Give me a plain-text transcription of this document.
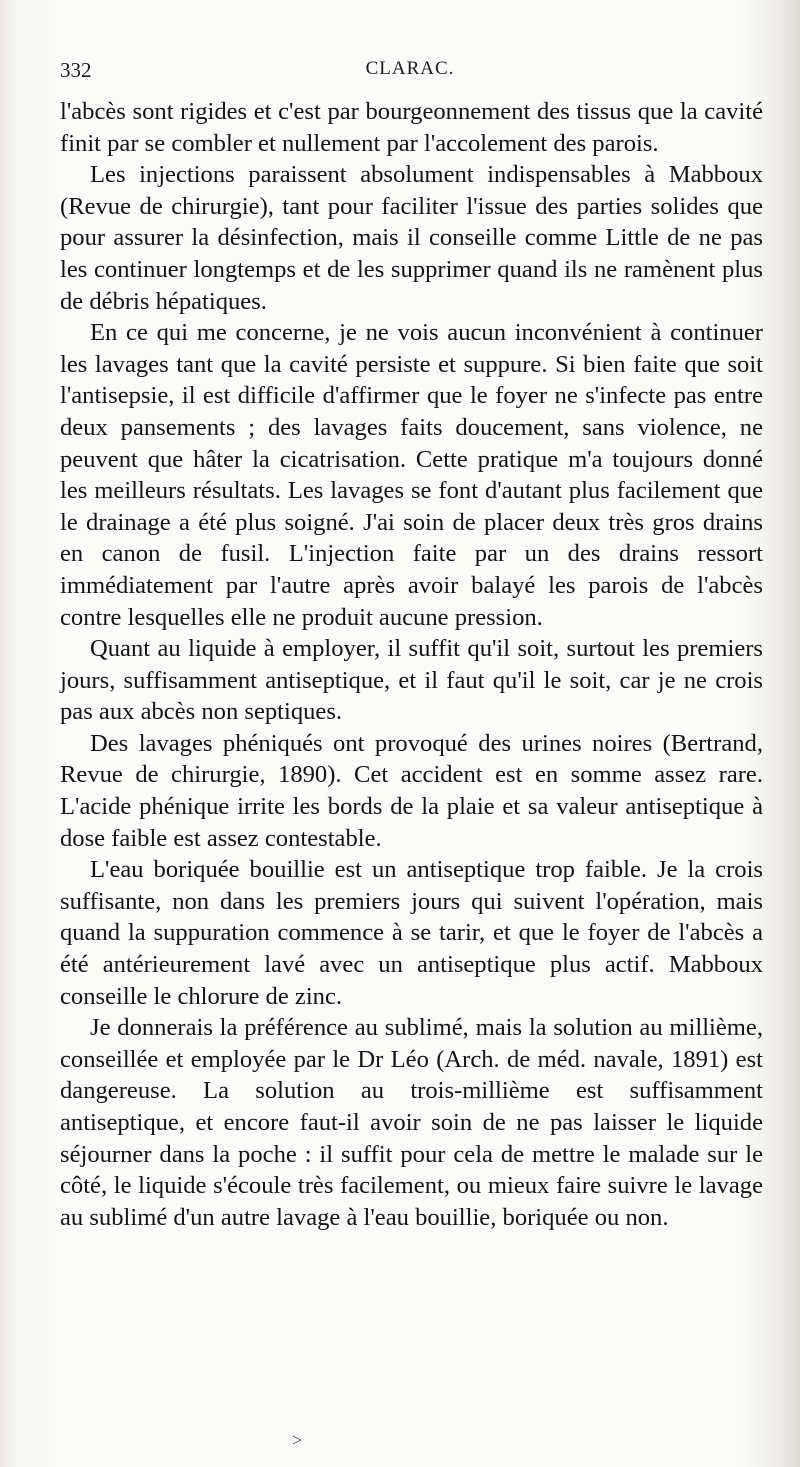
332	CLARAC.

l'abcès sont rigides et c'est par bourgeonnement des tissus que la cavité finit par se combler et nullement par l'accolement des parois.

Les injections paraissent absolument indispensables à Mabboux (Revue de chirurgie), tant pour faciliter l'issue des parties solides que pour assurer la désinfection, mais il conseille comme Little de ne pas les continuer longtemps et de les supprimer quand ils ne ramènent plus de débris hépatiques.

En ce qui me concerne, je ne vois aucun inconvénient à continuer les lavages tant que la cavité persiste et suppure. Si bien faite que soit l'antisepsie, il est difficile d'affirmer que le foyer ne s'infecte pas entre deux pansements ; des lavages faits doucement, sans violence, ne peuvent que hâter la cicatrisation. Cette pratique m'a toujours donné les meilleurs résultats. Les lavages se font d'autant plus facilement que le drainage a été plus soigné. J'ai soin de placer deux très gros drains en canon de fusil. L'injection faite par un des drains ressort immédiatement par l'autre après avoir balayé les parois de l'abcès contre lesquelles elle ne produit aucune pression.

Quant au liquide à employer, il suffit qu'il soit, surtout les premiers jours, suffisamment antiseptique, et il faut qu'il le soit, car je ne crois pas aux abcès non septiques.

Des lavages phéniqués ont provoqué des urines noires (Bertrand, Revue de chirurgie, 1890). Cet accident est en somme assez rare. L'acide phénique irrite les bords de la plaie et sa valeur antiseptique à dose faible est assez contestable.

L'eau boriquée bouillie est un antiseptique trop faible. Je la crois suffisante, non dans les premiers jours qui suivent l'opération, mais quand la suppuration commence à se tarir, et que le foyer de l'abcès a été antérieurement lavé avec un antiseptique plus actif. Mabboux conseille le chlorure de zinc.

Je donnerais la préférence au sublimé, mais la solution au millième, conseillée et employée par le Dr Léo (Arch. de méd. navale, 1891) est dangereuse. La solution au trois-millième est suffisamment antiseptique, et encore faut-il avoir soin de ne pas laisser le liquide séjourner dans la poche : il suffit pour cela de mettre le malade sur le côté, le liquide s'écoule très facilement, ou mieux faire suivre le lavage au sublimé d'un autre lavage à l'eau bouillie, boriquée ou non.

>
